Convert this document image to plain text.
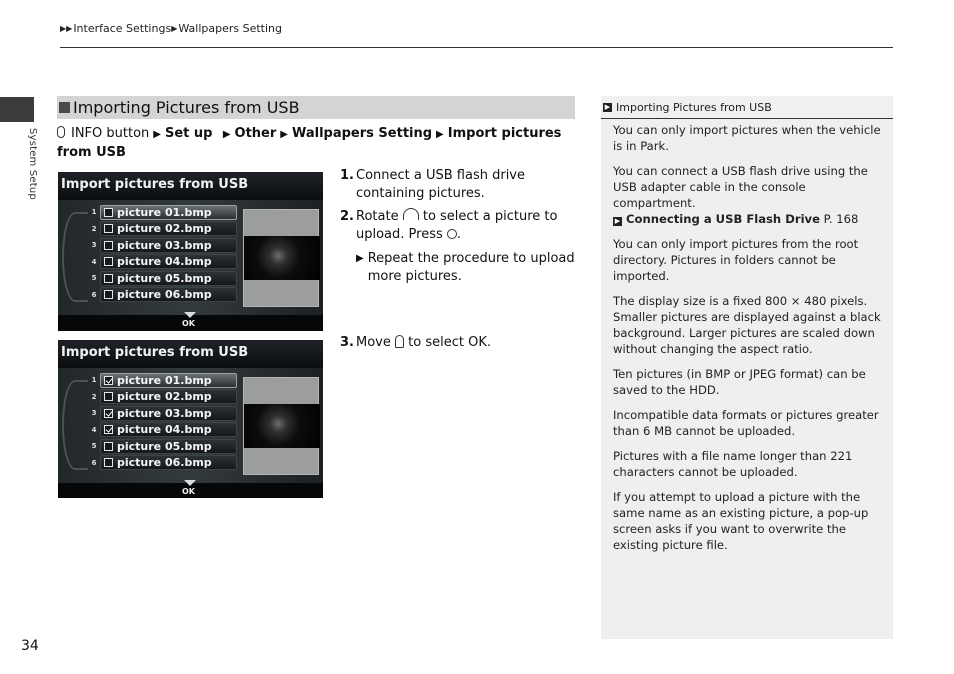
▶▶ Interface Settings ▶ Wallpapers Setting
System Setup
34
Importing Pictures from USB
INFO button ▶ Set up  ▶ Other ▶ Wallpapers Setting ▶ Import pictures from USB
Import pictures from USB
1	picture 01.bmp
2	picture 02.bmp
3	picture 03.bmp
4	picture 04.bmp
5	picture 05.bmp
6	picture 06.bmp
OK
Import pictures from USB
1	picture 01.bmp
2	picture 02.bmp
3	picture 03.bmp
4	picture 04.bmp
5	picture 05.bmp
6	picture 06.bmp
OK
1. Connect a USB flash drive containing pictures.
2. Rotate to select a picture to upload. Press .
▶ Repeat the procedure to upload more pictures.
3. Move to select OK.
▶ Importing Pictures from USB

You can only import pictures when the vehicle is in Park.

You can connect a USB flash drive using the USB adapter cable in the console compartment.
▶ Connecting a USB Flash Drive P. 168

You can only import pictures from the root directory. Pictures in folders cannot be imported.

The display size is a fixed 800 × 480 pixels. Smaller pictures are displayed against a black background. Larger pictures are scaled down without changing the aspect ratio.

Ten pictures (in BMP or JPEG format) can be saved to the HDD.

Incompatible data formats or pictures greater than 6 MB cannot be uploaded.

Pictures with a file name longer than 221 characters cannot be uploaded.

If you attempt to upload a picture with the same name as an existing picture, a pop-up screen asks if you want to overwrite the existing picture file.
